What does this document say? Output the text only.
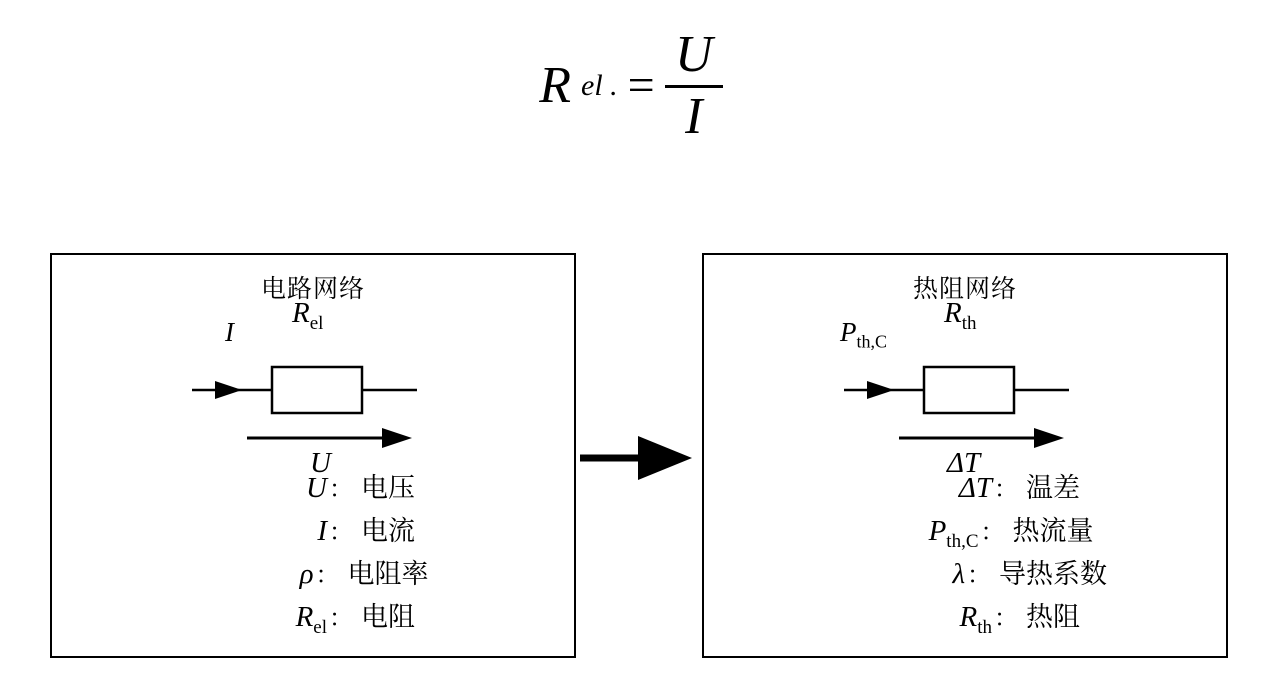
R el . = $\frac{U}{I}$
电路网络
I
$R_{el}$
U
U ： 电压
I ： 电流
ρ ： 电阻率
$R_{el}$ ： 电阻
热阻网络
$P_{th,C}$
$R_{th}$
ΔT
ΔT ： 温差
$P_{th,C}$ ： 热流量
λ ： 导热系数
$R_{th}$ ： 热阻
